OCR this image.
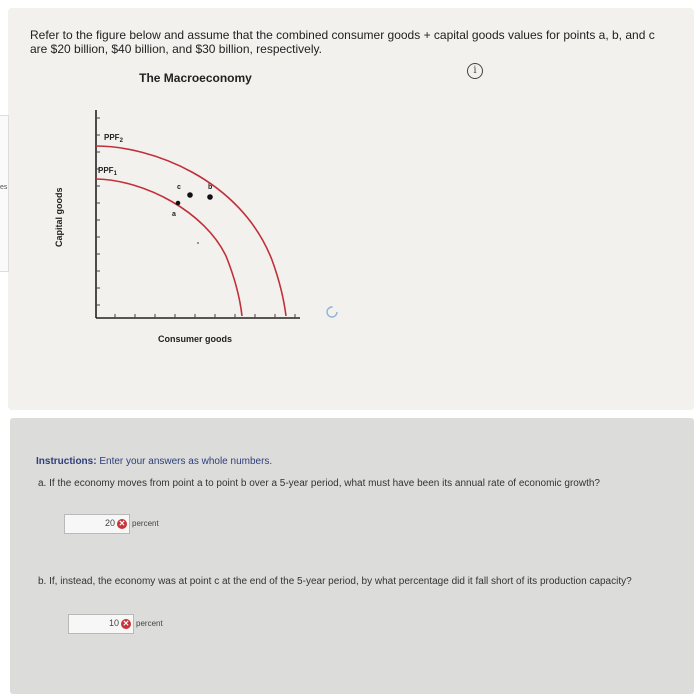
Refer to the figure below and assume that the combined consumer goods + capital goods values for points a, b, and c are $20 billion, $40 billion, and $30 billion, respectively.
The Macroeconomy
i
es
$PPF_2$
$PPF_1$
c	b
a
Capital goods
Consumer goods
Instructions: Enter your answers as whole numbers.
a. If the economy moves from point a to point b over a 5-year period, what must have been its annual rate of economic growth?
20 ✕ percent
b. If, instead, the economy was at point c at the end of the 5-year period, by what percentage did it fall short of its production capacity?
10 ✕ percent
